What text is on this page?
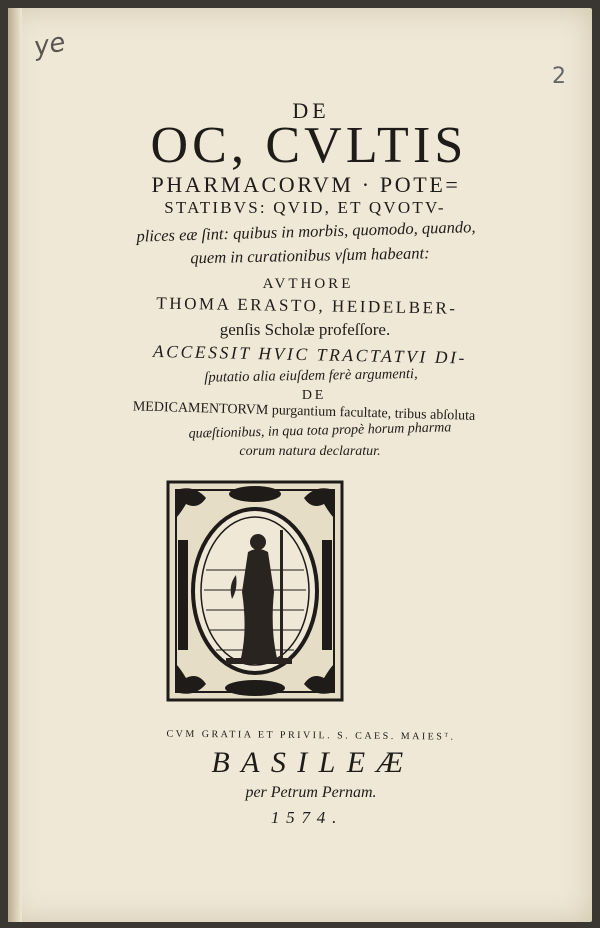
ye
2
DE
OC, CVLTIS
PHARMACORVM · POTE=
STATIBVS: QVID, ET QVOTV-
plices eæ ſint: quibus in morbis, quomodo, quando,
quem in curationibus vſum habeant:
AVTHORE
THOMA ERASTO, HEIDELBER-
genſis Scholæ profeſſore.
ACCESSIT HVIC TRACTATVI DI-
ſputatio alia eiuſdem ferè argumenti,
DE
MEDICAMENTORVM purgantium facultate, tribus abſoluta
quæſtionibus, in qua tota propè horum pharma
corum natura declaratur.
CVM GRATIA ET PRIVIL. S. CAES. MAIESᵀ.
BASILEÆ
per Petrum Pernam.
1574.
